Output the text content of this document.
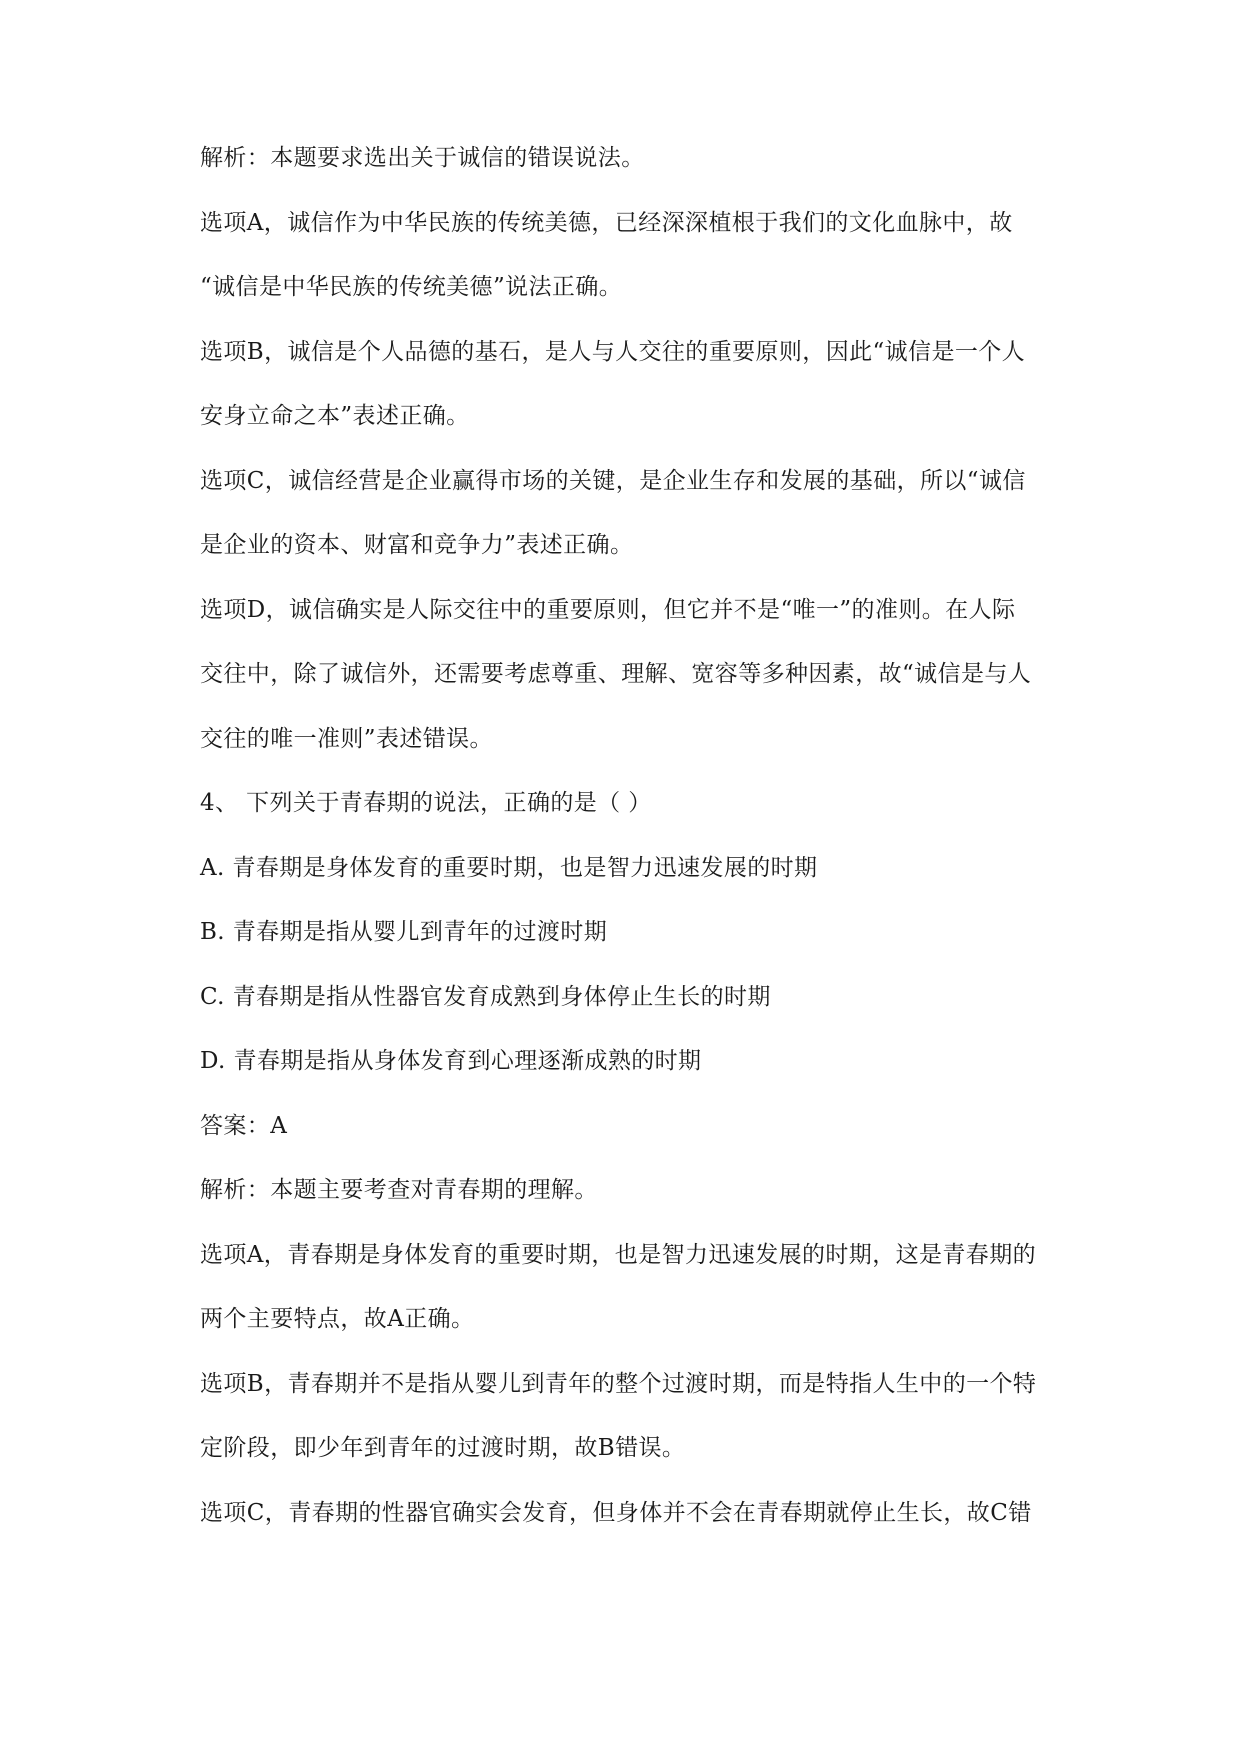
解析：本题要求选出关于诚信的错误说法。

选项A，诚信作为中华民族的传统美德，已经深深植根于我们的文化血脉中，故

“诚信是中华民族的传统美德”说法正确。

选项B，诚信是个人品德的基石，是人与人交往的重要原则，因此“诚信是一个人

安身立命之本”表述正确。

选项C，诚信经营是企业赢得市场的关键，是企业生存和发展的基础，所以“诚信

是企业的资本、财富和竞争力”表述正确。

选项D，诚信确实是人际交往中的重要原则，但它并不是“唯一”的准则。在人际

交往中，除了诚信外，还需要考虑尊重、理解、宽容等多种因素，故“诚信是与人

交往的唯一准则”表述错误。

4、 下列关于青春期的说法，正确的是（ ）

A. 青春期是身体发育的重要时期，也是智力迅速发展的时期

B. 青春期是指从婴儿到青年的过渡时期

C. 青春期是指从性器官发育成熟到身体停止生长的时期

D. 青春期是指从身体发育到心理逐渐成熟的时期

答案：A

解析：本题主要考查对青春期的理解。

选项A，青春期是身体发育的重要时期，也是智力迅速发展的时期，这是青春期的

两个主要特点，故A正确。

选项B，青春期并不是指从婴儿到青年的整个过渡时期，而是特指人生中的一个特

定阶段，即少年到青年的过渡时期，故B错误。

选项C，青春期的性器官确实会发育，但身体并不会在青春期就停止生长，故C错
